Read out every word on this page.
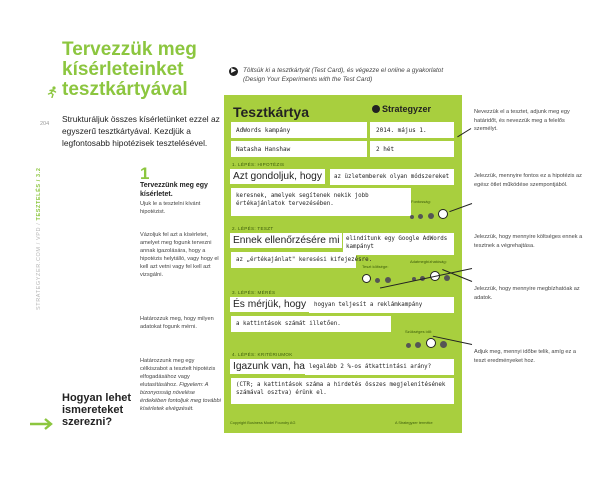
Tervezzük meg kísérleteinket tesztkártyával
Strukturáljuk összes kísérletünket ezzel az egyszerű tesztkártyával. Kezdjük a legfontosabb hipotézisek tesztelésével.
204
STRATEGYZER.COM / VPD / TESZTELÉS / 3.2	1
Tervezzünk meg egy kísérletet.
Ujuk le a tesztelni kívánt hipotézist.
Vázoljuk fel azt a kísérletet, amelyet meg fogunk tervezni annak igazolására, hogy a hipotézis helytálló, vagy hogy el kell azt vetni vagy fel kell azt vizsgálni.
Határozzuk meg, hogy milyen adatokat fogunk mérni.
Határozzunk meg egy célkiszabot a tesztelt hipotézis elfogadásához vagy elutasításához. Figyelem: A bizonyosság növelése érdekében fontoljuk meg további kísérletek elvégzését.
Hogyan lehet ismereteket szerezni?
▶	Töltsük ki a tesztkártyát (Test Card), és végezze el online a gyakorlatot (Design Your Experiments with the Test Card)
Tesztkártya	Strategyzer
AdWords kampány	2014. május 1.
Natasha Hanshaw	2 hét
1. LÉPÉS: HIPOTÉZIS
Azt gondoljuk, hogy	az üzletemberek olyan módszereket
keresnek, amelyek segítenek nekik jobb értékajánlatok tervezésében.	Fontosság:

2. LÉPÉS: TESZT
Ennek ellenőrzésére mi	elindítunk egy Google AdWords kampányt
az „értékajánlat" keresési kifejezésre.
Teszt költsége:
Adatmegbízhatóság:

3. LÉPÉS: MÉRÉS
És mérjük, hogy	hogyan teljesít a reklámkampány
a kattintások számát illetően.
Szükséges idő:

4. LÉPÉS: KRITÉRIUMOK
Igazunk van, ha legalább 2 %-os átkattintási arány?
(CTR; a kattintások száma a hirdetés összes megjelenítésének számával osztva) érünk el.
Copyright Business Model Foundry AG	A Strategyzer terméke
Nevezzük el a tesztet, adjunk meg egy határidőt, és nevezzük meg a felelős személyt.
Jelezzük, mennyire fontos ez a hipotézis az egész ötlet működése szempontjából.
Jelezzük, hogy mennyire költséges ennek a tesztnek a végrehajtása.
Jelezzük, hogy mennyire megbízhatóak az adatok.
Adjuk meg, mennyi időbe telik, amíg ez a teszt eredményeket hoz.
